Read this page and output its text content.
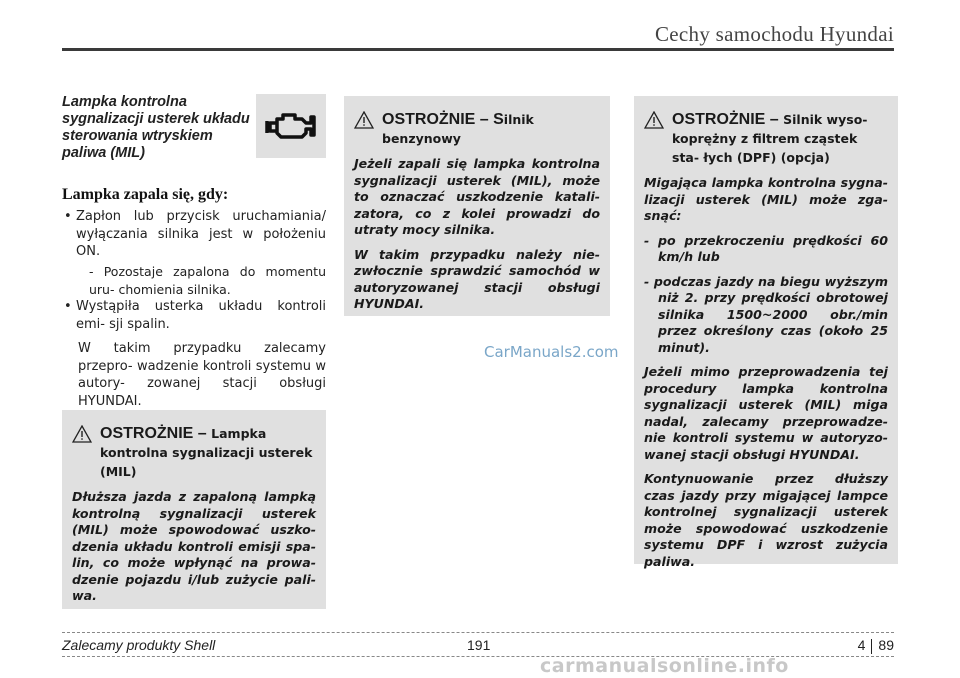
Cechy samochodu Hyundai
Lampka kontrolna sygnalizacji usterek układu sterowania wtryskiem paliwa (MIL)
Lampka zapala się, gdy:
• Zapłon lub przycisk uruchamiania/ wyłączania silnika jest w położeniu ON.
- Pozostaje zapalona do momentu uru- chomienia silnika.
• Wystąpiła usterka układu kontroli emi- sji spalin.
W takim przypadku zalecamy przepro- wadzenie kontroli systemu w autory- zowanej stacji obsługi HYUNDAI.
OSTROŻNIE – Lampka
kontrolna sygnalizacji usterek (MIL)

Dłuższa jazda z zapaloną lampką kontrolną sygnalizacji usterek (MIL) może spowodować uszko- dzenia układu kontroli emisji spa- lin, co może wpłynąć na prowa- dzenie pojazdu i/lub zużycie pali- wa.

OSTROŻNIE – Silnik
benzynowy

Jeżeli zapali się lampka kontrolna sygnalizacji usterek (MIL), może to oznaczać uszkodzenie katali- zatora, co z kolei prowadzi do utraty mocy silnika.

W takim przypadku należy nie- zwłocznie sprawdzić samochód w autoryzowanej stacji obsługi HYUNDAI.

CarManuals2.com
OSTROŻNIE – Silnik wyso-
koprężny z filtrem cząstek sta- łych (DPF) (opcja)

Migająca lampka kontrolna sygna- lizacji usterek (MIL) może zga- snąć:

- po przekroczeniu prędkości 60 km/h lub

- podczas jazdy na biegu wyższym niż 2. przy prędkości obrotowej silnika 1500~2000 obr./min przez określony czas (około 25 minut).

Jeżeli mimo przeprowadzenia tej procedury lampka kontrolna sygnalizacji usterek (MIL) miga nadal, zalecamy przeprowadze- nie kontroli systemu w autoryzo- wanej stacji obsługi HYUNDAI.

Kontynuowanie przez dłuższy czas jazdy przy migającej lampce kontrolnej sygnalizacji usterek może spowodować uszkodzenie systemu DPF i wzrost zużycia paliwa.

Zalecamy produkty Shell	191	4 89
carmanualsonline.info
